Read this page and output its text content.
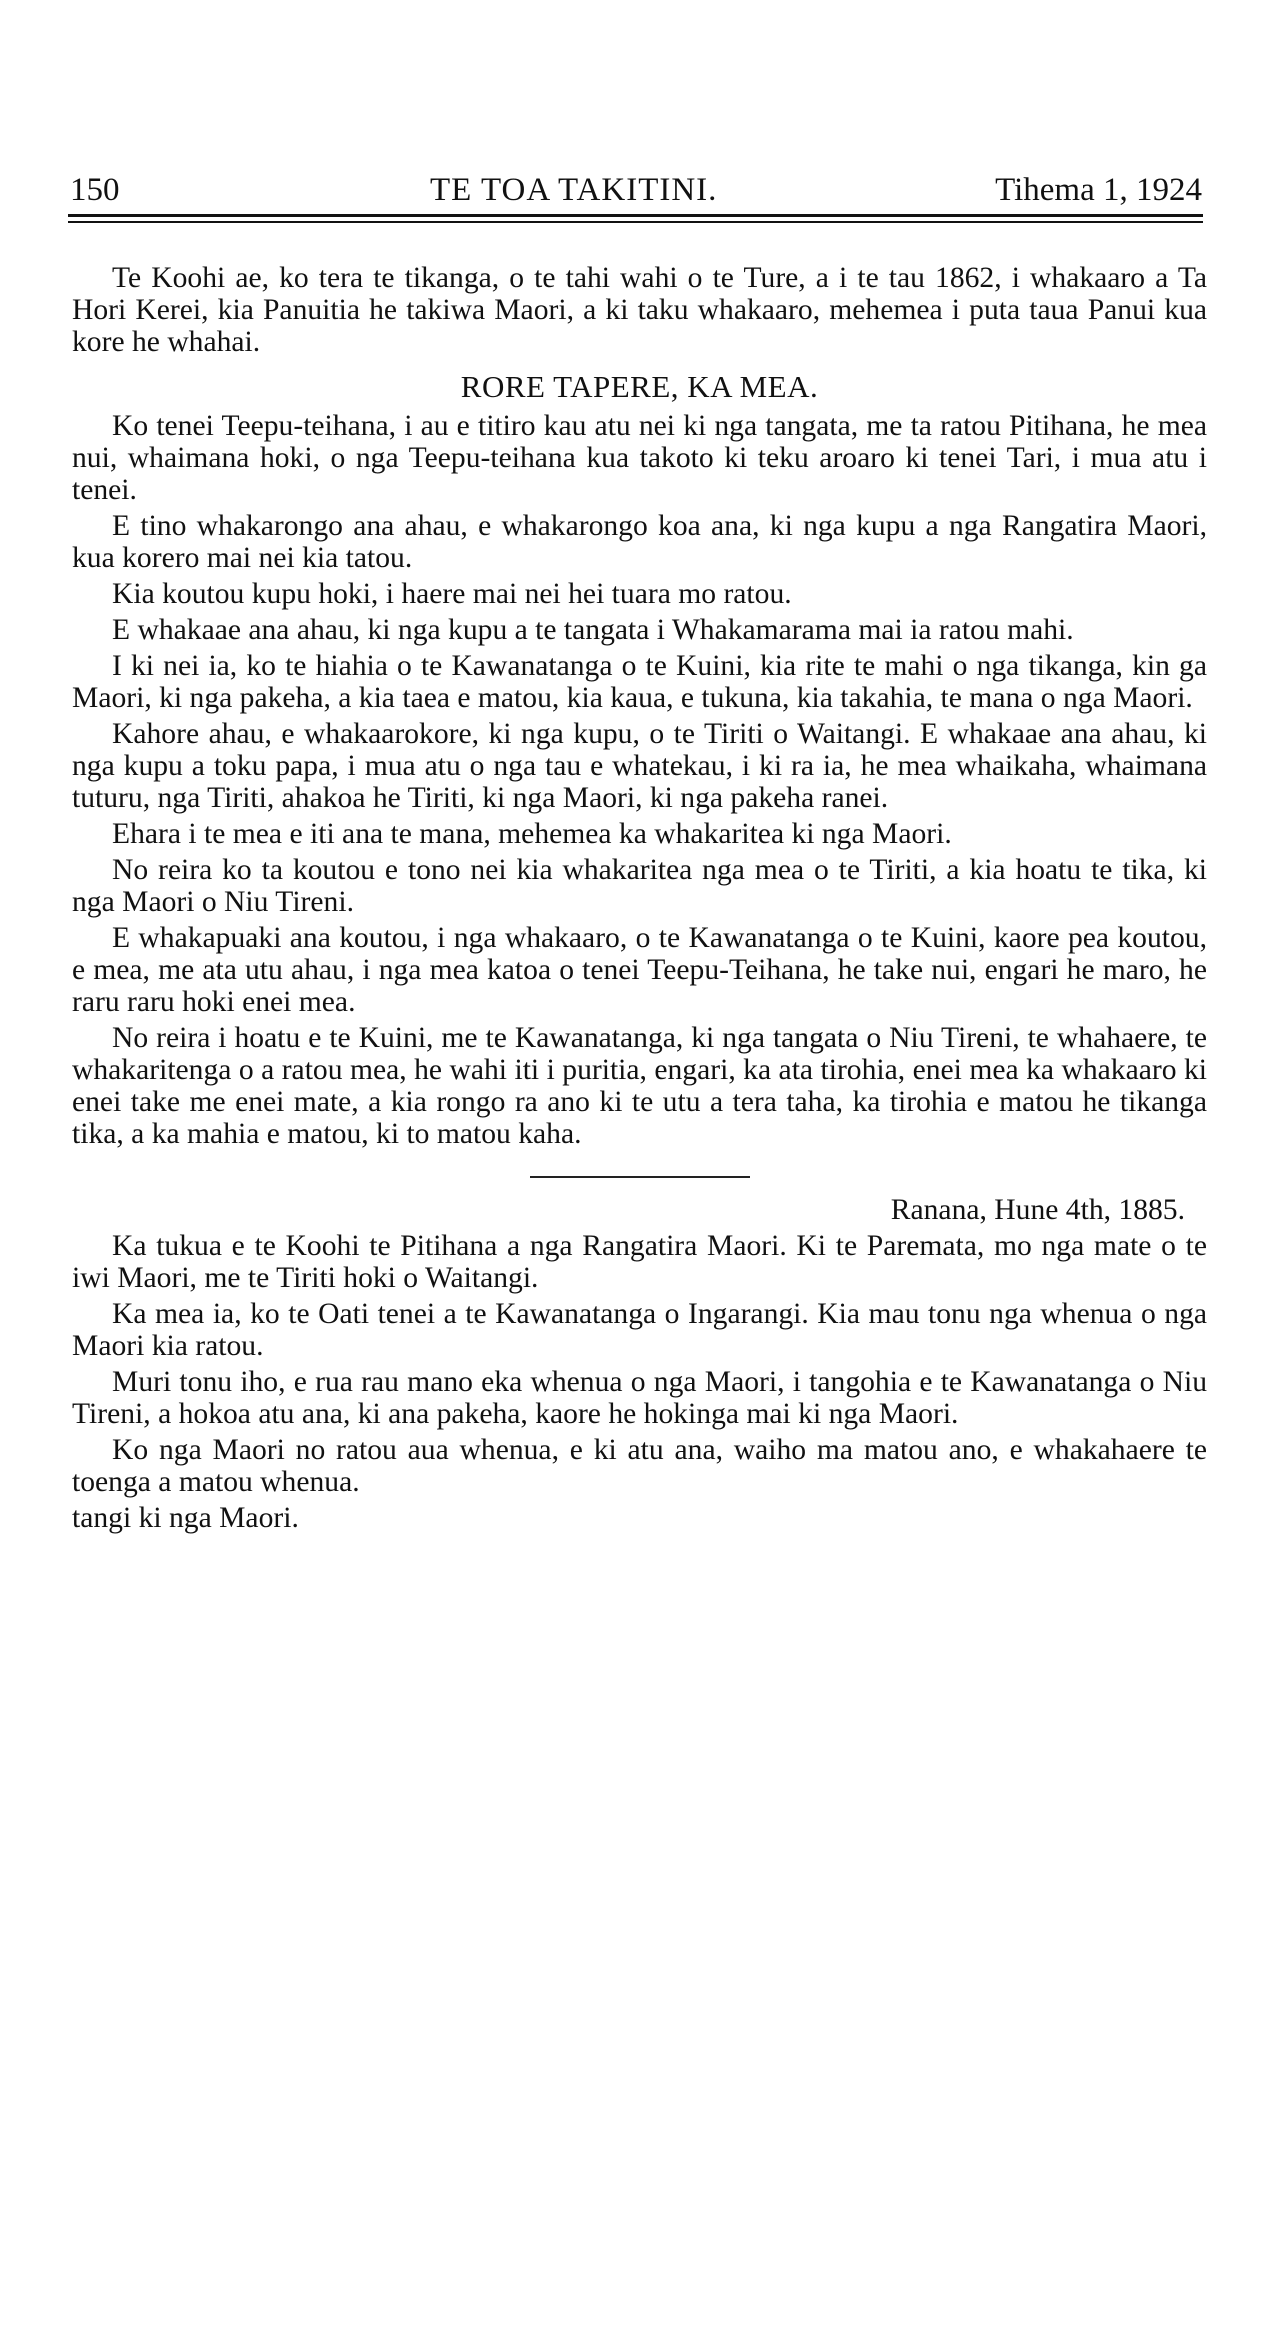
150	TE TOA TAKITINI.	Tihema 1, 1924

Te Koohi ae, ko tera te tikanga, o te tahi wahi o te Ture, a i te tau 1862, i whakaaro a Ta Hori Kerei, kia Panuitia he takiwa Maori, a ki taku whakaaro, mehemea i puta taua Panui kua kore he whahai.

RORE TAPERE, KA MEA.

Ko tenei Teepu-teihana, i au e titiro kau atu nei ki nga tangata, me ta ratou Pitihana, he mea nui, whaimana hoki, o nga Teepu-teihana kua takoto ki teku aroaro ki tenei Tari, i mua atu i tenei.

E tino whakarongo ana ahau, e whakarongo koa ana, ki nga kupu a nga Rangatira Maori, kua korero mai nei kia tatou.

Kia koutou kupu hoki, i haere mai nei hei tuara mo ratou.

E whakaae ana ahau, ki nga kupu a te tangata i Whakamarama mai ia ratou mahi.

I ki nei ia, ko te hiahia o te Kawanatanga o te Kuini, kia rite te mahi o nga tikanga, kin ga Maori, ki nga pakeha, a kia taea e matou, kia kaua, e tukuna, kia takahia, te mana o nga Maori.

Kahore ahau, e whakaarokore, ki nga kupu, o te Tiriti o Waitangi. E whakaae ana ahau, ki nga kupu a toku papa, i mua atu o nga tau e whatekau, i ki ra ia, he mea whaikaha, whaimana tuturu, nga Tiriti, ahakoa he Tiriti, ki nga Maori, ki nga pakeha ranei.

Ehara i te mea e iti ana te mana, mehemea ka whakaritea ki nga Maori.

No reira ko ta koutou e tono nei kia whakaritea nga mea o te Tiriti, a kia hoatu te tika, ki nga Maori o Niu Tireni.

E whakapuaki ana koutou, i nga whakaaro, o te Kawanatanga o te Kuini, kaore pea koutou, e mea, me ata utu ahau, i nga mea katoa o tenei Teepu-Teihana, he take nui, engari he maro, he raru raru hoki enei mea.

No reira i hoatu e te Kuini, me te Kawanatanga, ki nga tangata o Niu Tireni, te whahaere, te whakaritenga o a ratou mea, he wahi iti i puritia, engari, ka ata tirohia, enei mea ka whakaaro ki enei take me enei mate, a kia rongo ra ano ki te utu a tera taha, ka tirohia e matou he tikanga tika, a ka mahia e matou, ki to matou kaha.

Ranana, Hune 4th, 1885.

Ka tukua e te Koohi te Pitihana a nga Rangatira Maori. Ki te Paremata, mo nga mate o te iwi Maori, me te Tiriti hoki o Waitangi.

Ka mea ia, ko te Oati tenei a te Kawanatanga o Ingarangi. Kia mau tonu nga whenua o nga Maori kia ratou.

Muri tonu iho, e rua rau mano eka whenua o nga Maori, i tangohia e te Kawanatanga o Niu Tireni, a hokoa atu ana, ki ana pakeha, kaore he hokinga mai ki nga Maori.

Ko nga Maori no ratou aua whenua, e ki atu ana, waiho ma matou ano, e whakahaere te toenga a matou whenua.

tangi ki nga Maori.
